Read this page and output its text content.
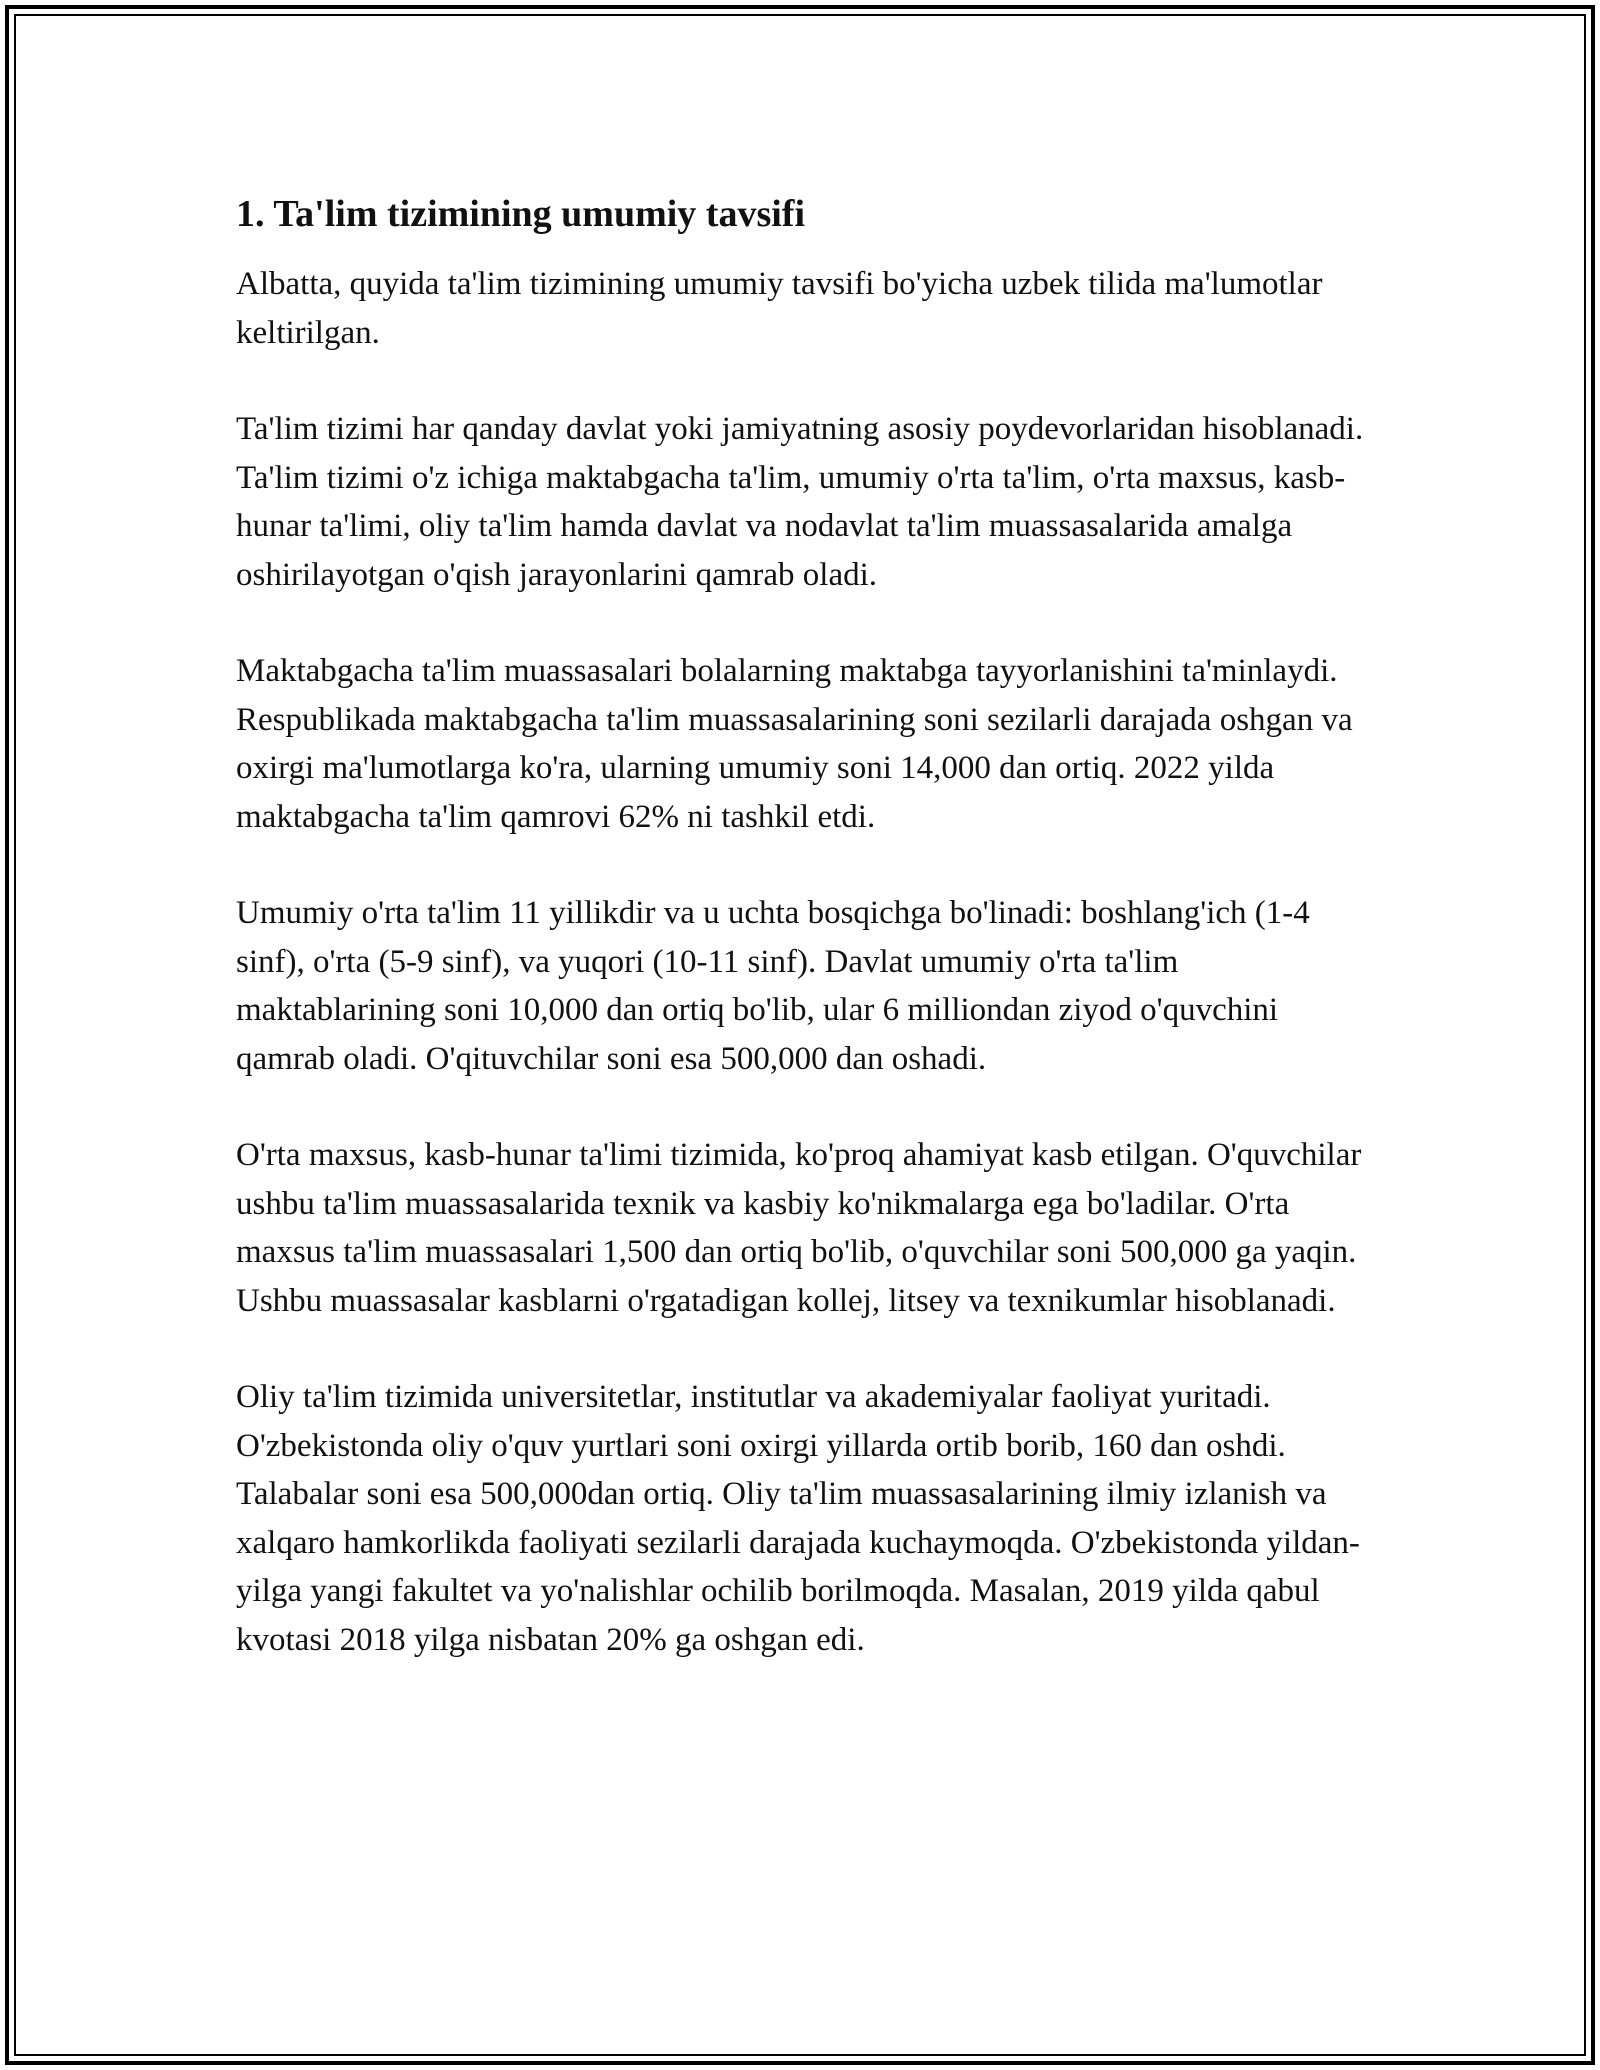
1. Ta'lim tizimining umumiy tavsifi

Albatta, quyida ta'lim tizimining umumiy tavsifi bo'yicha uzbek tilida ma'lumotlar keltirilgan.

Ta'lim tizimi har qanday davlat yoki jamiyatning asosiy poydevorlaridan hisoblanadi. Ta'lim tizimi o'z ichiga maktabgacha ta'lim, umumiy o'rta ta'lim, o'rta maxsus, kasb-hunar ta'limi, oliy ta'lim hamda davlat va nodavlat ta'lim muassasalarida amalga oshirilayotgan o'qish jarayonlarini qamrab oladi.

Maktabgacha ta'lim muassasalari bolalarning maktabga tayyorlanishini ta'minlaydi. Respublikada maktabgacha ta'lim muassasalarining soni sezilarli darajada oshgan va oxirgi ma'lumotlarga ko'ra, ularning umumiy soni 14,000 dan ortiq. 2022 yilda maktabgacha ta'lim qamrovi 62% ni tashkil etdi.

Umumiy o'rta ta'lim 11 yillikdir va u uchta bosqichga bo'linadi: boshlang'ich (1-4 sinf), o'rta (5-9 sinf), va yuqori (10-11 sinf). Davlat umumiy o'rta ta'lim maktablarining soni 10,000 dan ortiq bo'lib, ular 6 milliondan ziyod o'quvchini qamrab oladi. O'qituvchilar soni esa 500,000 dan oshadi.

O'rta maxsus, kasb-hunar ta'limi tizimida, ko'proq ahamiyat kasb etilgan. O'quvchilar ushbu ta'lim muassasalarida texnik va kasbiy ko'nikmalarga ega bo'ladilar. O'rta maxsus ta'lim muassasalari 1,500 dan ortiq bo'lib, o'quvchilar soni 500,000 ga yaqin. Ushbu muassasalar kasblarni o'rgatadigan kollej, litsey va texnikumlar hisoblanadi.

Oliy ta'lim tizimida universitetlar, institutlar va akademiyalar faoliyat yuritadi. O'zbekistonda oliy o'quv yurtlari soni oxirgi yillarda ortib borib, 160 dan oshdi. Talabalar soni esa 500,000dan ortiq. Oliy ta'lim muassasalarining ilmiy izlanish va xalqaro hamkorlikda faoliyati sezilarli darajada kuchaymoqda. O'zbekistonda yildan-yilga yangi fakultet va yo'nalishlar ochilib borilmoqda. Masalan, 2019 yilda qabul kvotasi 2018 yilga nisbatan 20% ga oshgan edi.
